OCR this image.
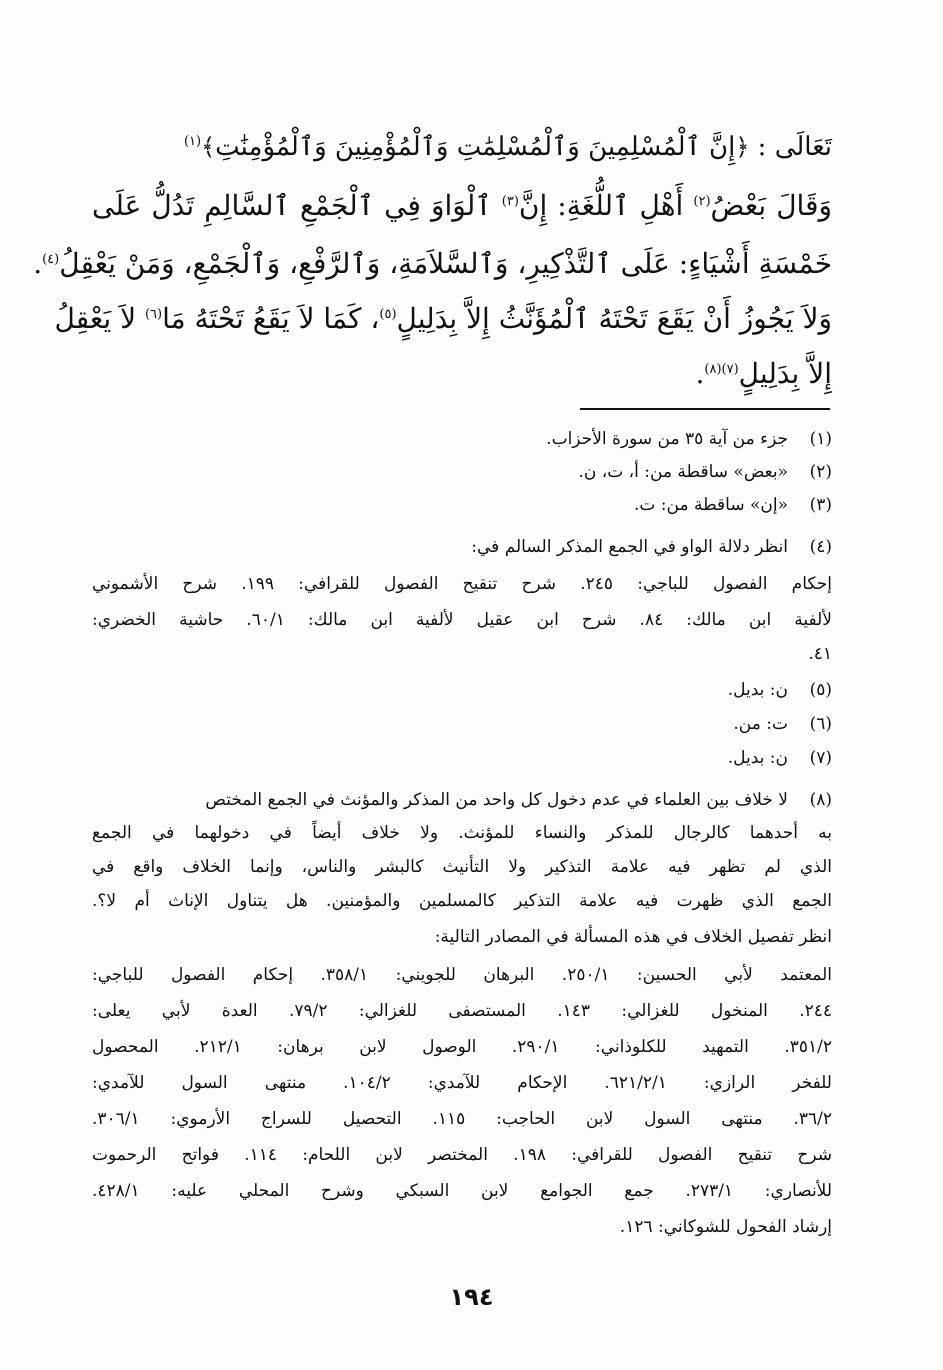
تَعَالَى : ﴿إِنَّ ٱلْمُسْلِمِينَ وَٱلْمُسْلِمَٰتِ وَٱلْمُؤْمِنِينَ وَٱلْمُؤْمِنَٰتِ﴾$^{(١)}$
وَقَالَ بَعْضُ$^{(٢)}$ أَهْلِ ٱللُّغَةِ: إِنَّ$^{(٣)}$ ٱلْوَاوَ فِي ٱلْجَمْعِ ٱلسَّالِمِ تَدُلُّ عَلَى
خَمْسَةِ أَشْيَاءٍ: عَلَى ٱلتَّذْكِيرِ، وَٱلسَّلاَمَةِ، وَٱلرَّفْعِ، وَٱلْجَمْعِ، وَمَنْ يَعْقِلُ$^{(٤)}$.
وَلاَ يَجُوزُ أَنْ يَقَعَ تَحْتَهُ ٱلْمُؤَنَّثُ إِلاَّ بِدَلِيلٍ$^{(٥)}$، كَمَا لاَ يَقَعُ تَحْتَهُ مَا$^{(٦)}$ لاَ يَعْقِلُ
إِلاَّ بِدَلِيلٍ$^{(٧)(٨)}$.
(١)
جزء من آية ٣٥ من سورة الأحزاب.
(٢)
«بعض» ساقطة من: أ، ت، ن.
(٣)
«إن» ساقطة من: ت.
(٤)
انظر دلالة الواو في الجمع المذكر السالم في:
إحكام الفصول للباجي: ٢٤٥. شرح تنقيح الفصول للقرافي: ١٩٩. شرح الأشموني
لألفية ابن مالك: ٨٤. شرح ابن عقيل لألفية ابن مالك: ٦٠/١. حاشية الخضري:
٤١.
(٥)
ن: بديل.
(٦)
ت: من.
(٧)
ن: بديل.
(٨)
لا خلاف بين العلماء في عدم دخول كل واحد من المذكر والمؤنث في الجمع المختص
به أحدهما كالرجال للمذكر والنساء للمؤنث. ولا خلاف أيضاً في دخولهما في الجمع
الذي لم تظهر فيه علامة التذكير ولا التأنيث كالبشر والناس، وإنما الخلاف واقع في
الجمع الذي ظهرت فيه علامة التذكير كالمسلمين والمؤمنين. هل يتناول الإناث أم لا؟.
انظر تفصيل الخلاف في هذه المسألة في المصادر التالية:
المعتمد لأبي الحسين: ٢٥٠/١. البرهان للجويني: ٣٥٨/١. إحكام الفصول للباجي:
٢٤٤. المنخول للغزالي: ١٤٣. المستصفى للغزالي: ٧٩/٢. العدة لأبي يعلى:
٣٥١/٢. التمهيد للكلوذاني: ٢٩٠/١. الوصول لابن برهان: ٢١٢/١. المحصول
للفخر الرازي: ٦٢١/٢/١. الإحكام للآمدي: ١٠٤/٢. منتهى السول للآمدي:
٣٦/٢. منتهى السول لابن الحاجب: ١١٥. التحصيل للسراج الأرموي: ٣٠٦/١.
شرح تنقيح الفصول للقرافي: ١٩٨. المختصر لابن اللحام: ١١٤. فواتح الرحموت
للأنصاري: ٢٧٣/١. جمع الجوامع لابن السبكي وشرح المحلي عليه: ٤٢٨/١.
إرشاد الفحول للشوكاني: ١٢٦.
١٩٤
